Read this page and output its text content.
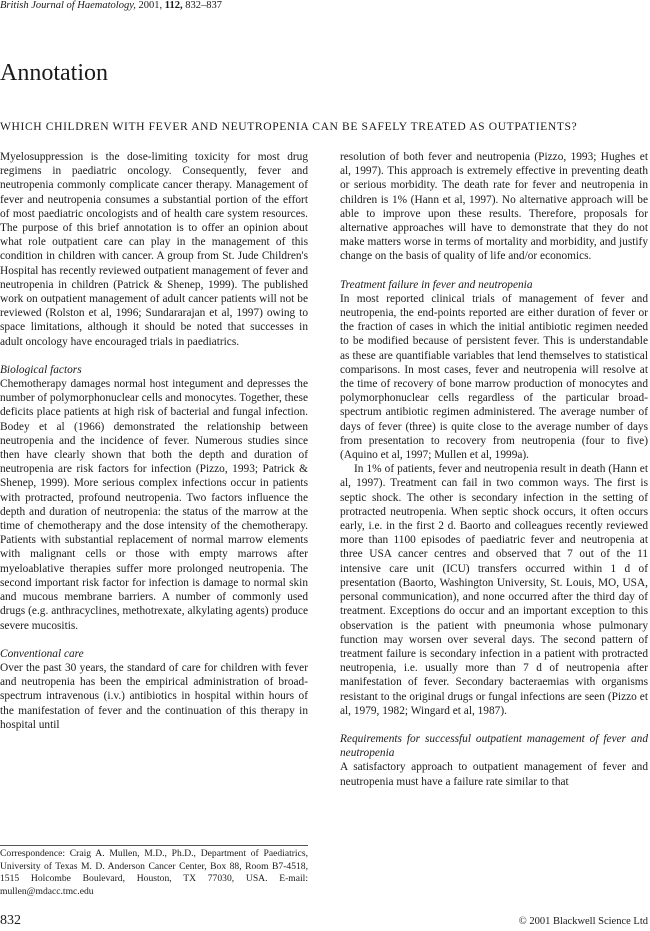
British Journal of Haematology, 2001, 112, 832–837
Annotation
WHICH CHILDREN WITH FEVER AND NEUTROPENIA CAN BE SAFELY TREATED AS OUTPATIENTS?

Myelosuppression is the dose-limiting toxicity for most drug regimens in paediatric oncology. Consequently, fever and neutropenia commonly complicate cancer therapy. Management of fever and neutropenia consumes a substantial portion of the effort of most paediatric oncologists and of health care system resources. The purpose of this brief annotation is to offer an opinion about what role outpatient care can play in the management of this condition in children with cancer. A group from St. Jude Children's Hospital has recently reviewed outpatient management of fever and neutropenia in children (Patrick & Shenep, 1999). The published work on outpatient management of adult cancer patients will not be reviewed (Rolston et al, 1996; Sundararajan et al, 1997) owing to space limitations, although it should be noted that successes in adult oncology have encouraged trials in paediatrics.

Biological factors

Chemotherapy damages normal host integument and depresses the number of polymorphonuclear cells and monocytes. Together, these deficits place patients at high risk of bacterial and fungal infection. Bodey et al (1966) demonstrated the relationship between neutropenia and the incidence of fever. Numerous studies since then have clearly shown that both the depth and duration of neutropenia are risk factors for infection (Pizzo, 1993; Patrick & Shenep, 1999). More serious complex infections occur in patients with protracted, profound neutropenia. Two factors influence the depth and duration of neutropenia: the status of the marrow at the time of chemotherapy and the dose intensity of the chemotherapy. Patients with substantial replacement of normal marrow elements with malignant cells or those with empty marrows after myeloablative therapies suffer more prolonged neutropenia. The second important risk factor for infection is damage to normal skin and mucous membrane barriers. A number of commonly used drugs (e.g. anthracyclines, methotrexate, alkylating agents) produce severe mucositis.

Conventional care

Over the past 30 years, the standard of care for children with fever and neutropenia has been the empirical administration of broad-spectrum intravenous (i.v.) antibiotics in hospital within hours of the manifestation of fever and the continuation of this therapy in hospital until

Correspondence: Craig A. Mullen, M.D., Ph.D., Department of Paediatrics, University of Texas M. D. Anderson Cancer Center, Box 88, Room B7-4518, 1515 Holcombe Boulevard, Houston, TX 77030, USA. E-mail: mullen@mdacc.tmc.edu

resolution of both fever and neutropenia (Pizzo, 1993; Hughes et al, 1997). This approach is extremely effective in preventing death or serious morbidity. The death rate for fever and neutropenia in children is 1% (Hann et al, 1997). No alternative approach will be able to improve upon these results. Therefore, proposals for alternative approaches will have to demonstrate that they do not make matters worse in terms of mortality and morbidity, and justify change on the basis of quality of life and/or economics.

Treatment failure in fever and neutropenia

In most reported clinical trials of management of fever and neutropenia, the end-points reported are either duration of fever or the fraction of cases in which the initial antibiotic regimen needed to be modified because of persistent fever. This is understandable as these are quantifiable variables that lend themselves to statistical comparisons. In most cases, fever and neutropenia will resolve at the time of recovery of bone marrow production of monocytes and polymorphonuclear cells regardless of the particular broad-spectrum antibiotic regimen administered. The average number of days of fever (three) is quite close to the average number of days from presentation to recovery from neutropenia (four to five) (Aquino et al, 1997; Mullen et al, 1999a).

In 1% of patients, fever and neutropenia result in death (Hann et al, 1997). Treatment can fail in two common ways. The first is septic shock. The other is secondary infection in the setting of protracted neutropenia. When septic shock occurs, it often occurs early, i.e. in the first 2 d. Baorto and colleagues recently reviewed more than 1100 episodes of paediatric fever and neutropenia at three USA cancer centres and observed that 7 out of the 11 intensive care unit (ICU) transfers occurred within 1 d of presentation (Baorto, Washington University, St. Louis, MO, USA, personal communication), and none occurred after the third day of treatment. Exceptions do occur and an important exception to this observation is the patient with pneumonia whose pulmonary function may worsen over several days. The second pattern of treatment failure is secondary infection in a patient with protracted neutropenia, i.e. usually more than 7 d of neutropenia after manifestation of fever. Secondary bacteraemias with organisms resistant to the original drugs or fungal infections are seen (Pizzo et al, 1979, 1982; Wingard et al, 1987).

Requirements for successful outpatient management of fever and neutropenia

A satisfactory approach to outpatient management of fever and neutropenia must have a failure rate similar to that

832	© 2001 Blackwell Science Ltd
